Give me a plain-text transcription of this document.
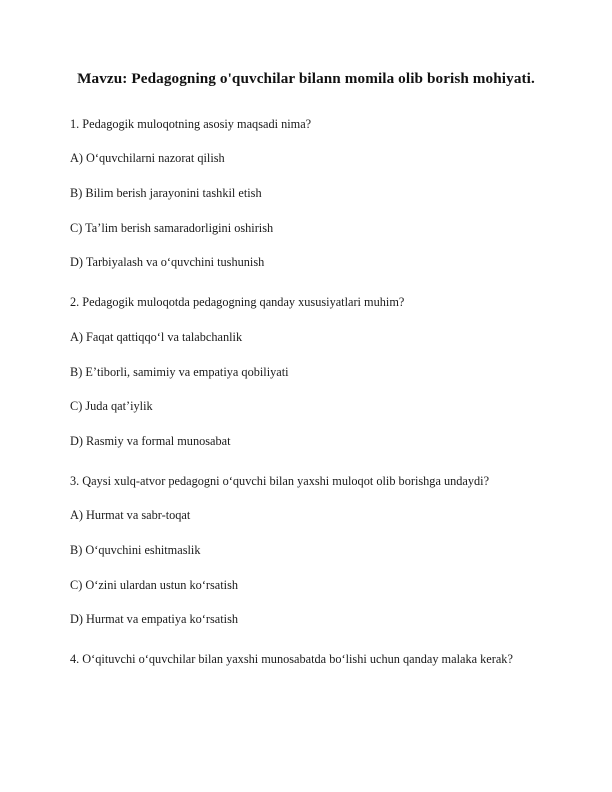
Mavzu: Pedagogning o'quvchilar bilann momila olib borish mohiyati.
1. Pedagogik muloqotning asosiy maqsadi nima?
A) Oʻquvchilarni nazorat qilish
B) Bilim berish jarayonini tashkil etish
C) Taʼlim berish samaradorligini oshirish
D) Tarbiyalash va oʻquvchini tushunish
2. Pedagogik muloqotda pedagogning qanday xususiyatlari muhim?
A) Faqat qattiqqoʻl va talabchanlik
B) Eʼtiborli, samimiy va empatiya qobiliyati
C) Juda qatʼiylik
D) Rasmiy va formal munosabat
3. Qaysi xulq-atvor pedagogni oʻquvchi bilan yaxshi muloqot olib borishga undaydi?
A) Hurmat va sabr-toqat
B) Oʻquvchini eshitmaslik
C) Oʻzini ulardan ustun koʻrsatish
D) Hurmat va empatiya koʻrsatish
4. Oʻqituvchi oʻquvchilar bilan yaxshi munosabatda boʻlishi uchun qanday malaka kerak?
